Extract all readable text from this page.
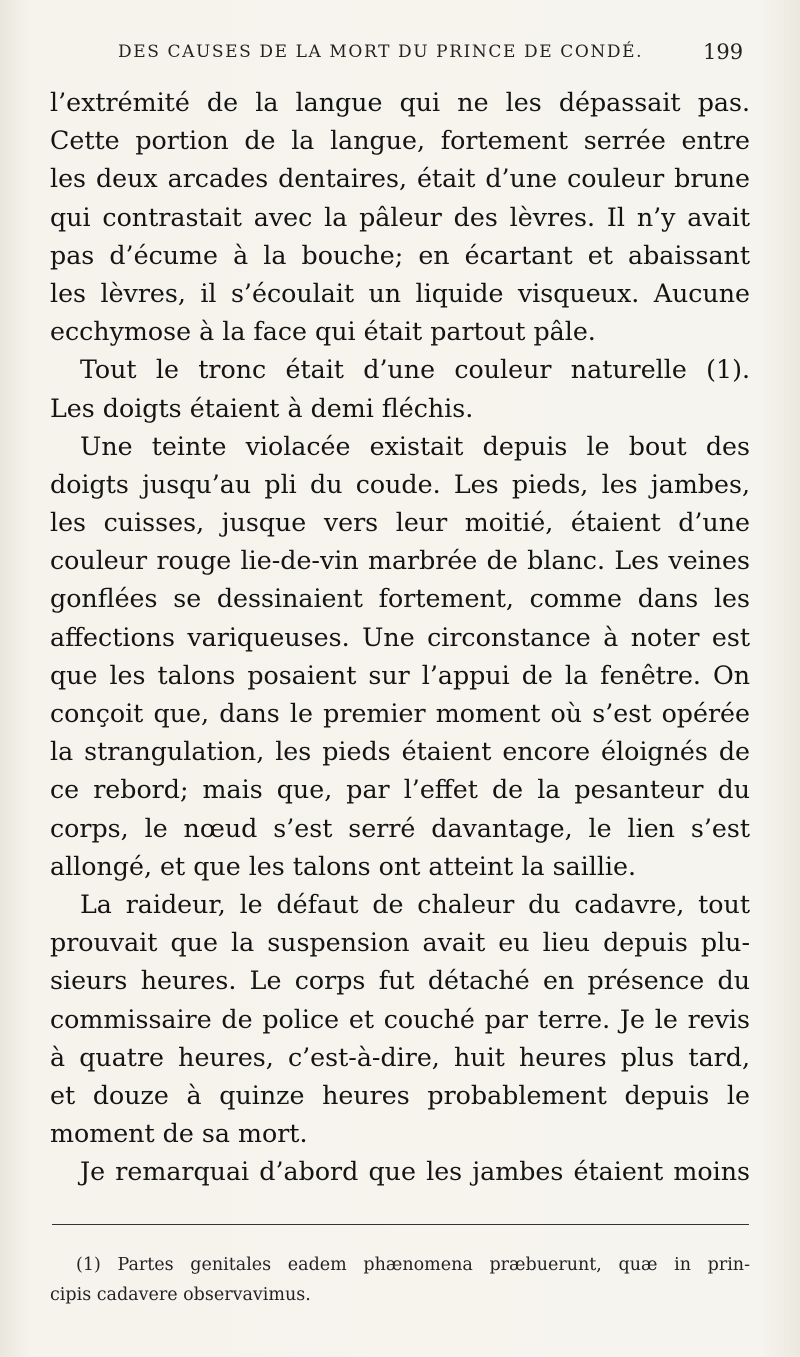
DES CAUSES DE LA MORT DU PRINCE DE CONDÉ.	199
l’extrémité de la langue qui ne les dépassait pas.
Cette portion de la langue, fortement serrée entre
les deux arcades dentaires, était d’une couleur brune
qui contrastait avec la pâleur des lèvres. Il n’y avait
pas d’écume à la bouche; en écartant et abaissant
les lèvres, il s’écoulait un liquide visqueux. Aucune
ecchymose à la face qui était partout pâle.
Tout le tronc était d’une couleur naturelle (1).
Les doigts étaient à demi fléchis.
Une teinte violacée existait depuis le bout des
doigts jusqu’au pli du coude. Les pieds, les jambes,
les cuisses, jusque vers leur moitié, étaient d’une
couleur rouge lie-de-vin marbrée de blanc. Les veines
gonflées se dessinaient fortement, comme dans les
affections variqueuses. Une circonstance à noter est
que les talons posaient sur l’appui de la fenêtre. On
conçoit que, dans le premier moment où s’est opérée
la strangulation, les pieds étaient encore éloignés de
ce rebord; mais que, par l’effet de la pesanteur du
corps, le nœud s’est serré davantage, le lien s’est
allongé, et que les talons ont atteint la saillie.
La raideur, le défaut de chaleur du cadavre, tout
prouvait que la suspension avait eu lieu depuis plu-
sieurs heures. Le corps fut détaché en présence du
commissaire de police et couché par terre. Je le revis
à quatre heures, c’est-à-dire, huit heures plus tard,
et douze à quinze heures probablement depuis le
moment de sa mort.
Je remarquai d’abord que les jambes étaient moins
(1) Partes genitales eadem phænomena præbuerunt, quæ in prin-
cipis cadavere observavimus.
